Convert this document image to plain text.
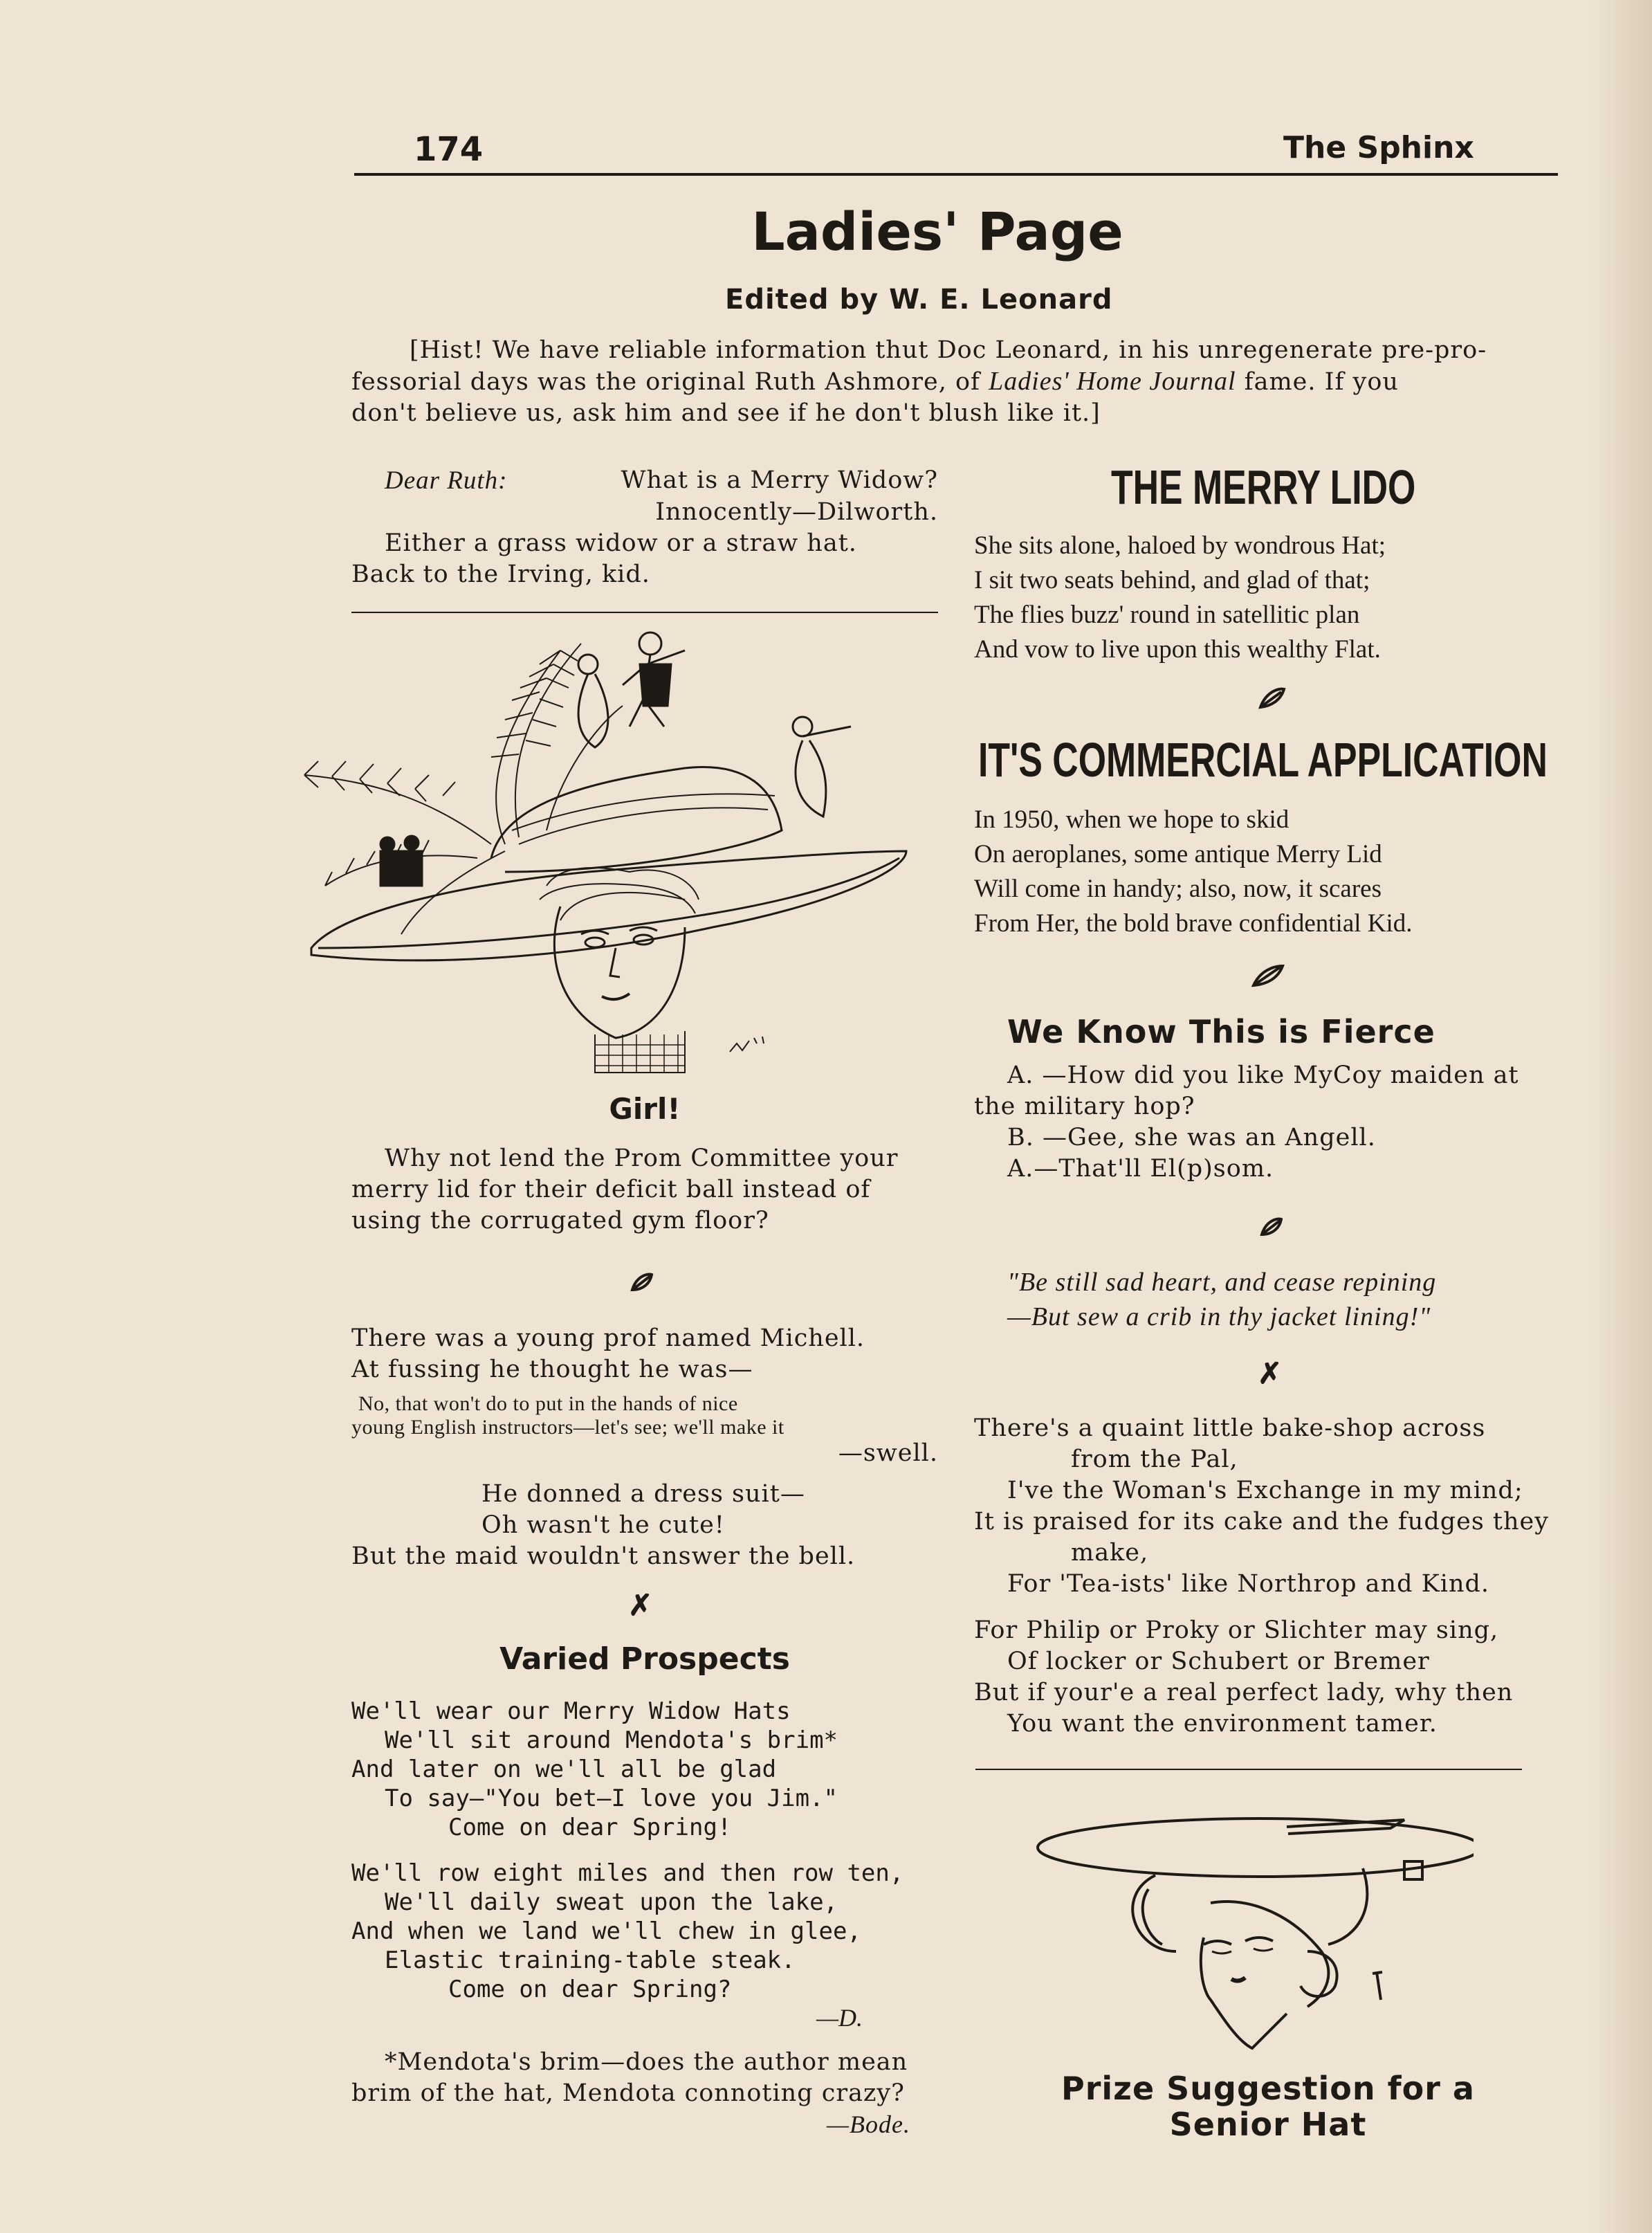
174	The Sphinx
Ladies' Page
Edited by W. E. Leonard

[Hist! We have reliable information thut Doc Leonard, in his unregenerate pre-pro-

fessorial days was the original Ruth Ashmore, of Ladies' Home Journal fame. If you

don't believe us, ask him and see if he don't blush like it.]

Dear Ruth:	What is a Merry Widow?

Innocently—Dilworth.

Either a grass widow or a straw hat.

Back to the Irving, kid.

Girl!

Why not lend the Prom Committee your

merry lid for their deficit ball instead of

using the corrugated gym floor?

There was a young prof named Michell.

At fussing he thought he was—

No, that won't do to put in the hands of nice

young English instructors—let's see; we'll make it

—swell.

He donned a dress suit—

Oh wasn't he cute!

But the maid wouldn't answer the bell.

✗
Varied Prospects

We'll wear our Merry Widow Hats

We'll sit around Mendota's brim*

And later on we'll all be glad

To say—"You bet—I love you Jim."

Come on dear Spring!

We'll row eight miles and then row ten,

We'll daily sweat upon the lake,

And when we land we'll chew in glee,

Elastic training-table steak.

Come on dear Spring?

—D.

*Mendota's brim—does the author mean

brim of the hat, Mendota connoting crazy?

—Bode.

THE MERRY LIDO

She sits alone, haloed by wondrous Hat;

I sit two seats behind, and glad of that;

The flies buzz' round in satellitic plan

And vow to live upon this wealthy Flat.

IT'S COMMERCIAL APPLICATION

In 1950, when we hope to skid

On aeroplanes, some antique Merry Lid

Will come in handy; also, now, it scares

From Her, the bold brave confidential Kid.

We Know This is Fierce

A. —How did you like MyCoy maiden at

the military hop?

B. —Gee, she was an Angell.

A.—That'll El(p)som.

"Be still sad heart, and cease repining

—But sew a crib in thy jacket lining!"

✗

There's a quaint little bake-shop across

from the Pal,

I've the Woman's Exchange in my mind;

It is praised for its cake and the fudges they

make,

For 'Tea-ists' like Northrop and Kind.

For Philip or Proky or Slichter may sing,

Of locker or Schubert or Bremer

But if your'e a real perfect lady, why then

You want the environment tamer.

Prize Suggestion for a

Senior Hat
